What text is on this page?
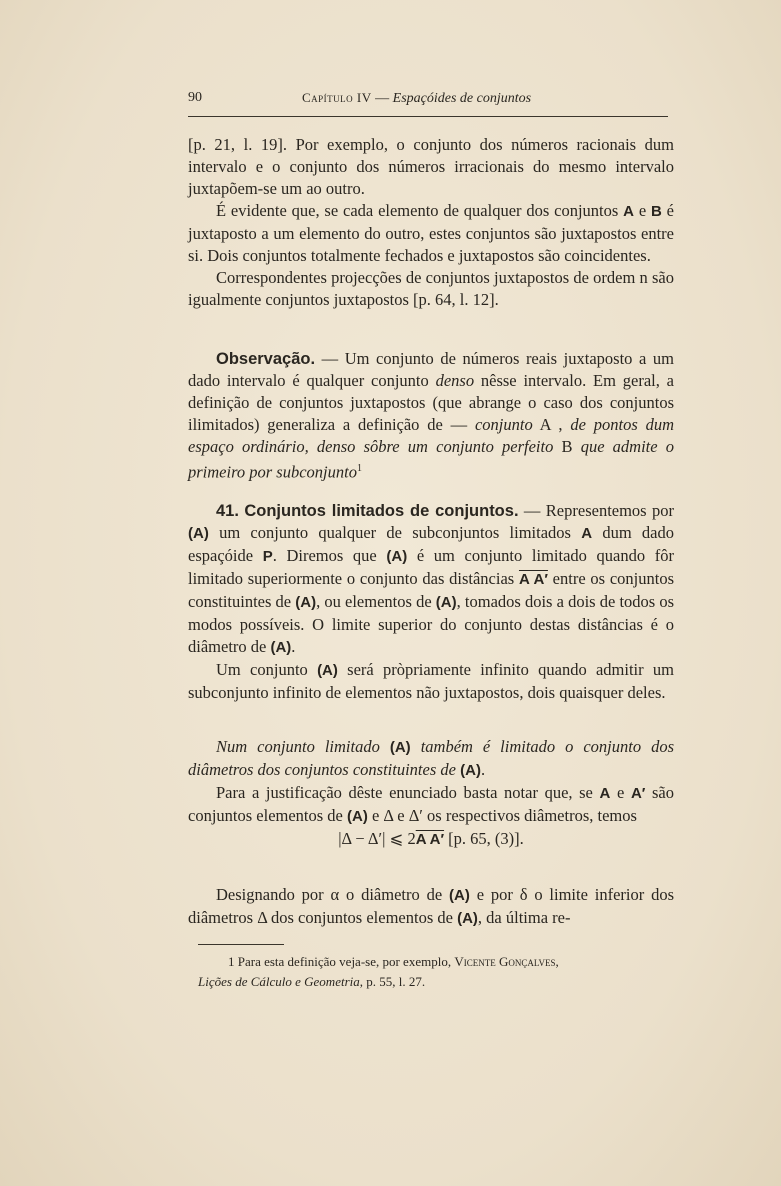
90	Capítulo IV — Espaçóides de conjuntos

[p. 21, l. 19]. Por exemplo, o conjunto dos números racionais dum intervalo e o conjunto dos números irracionais do mesmo intervalo juxtapõem-se um ao outro.

É evidente que, se cada elemento de qualquer dos conjuntos A e B é juxtaposto a um elemento do outro, estes conjuntos são juxtapostos entre si. Dois conjuntos totalmente fechados e juxtapostos são coincidentes.

Correspondentes projecções de conjuntos juxtapostos de ordem n são igualmente conjuntos juxtapostos [p. 64, l. 12].

Observação. — Um conjunto de números reais juxtaposto a um dado intervalo é qualquer conjunto denso nêsse intervalo. Em geral, a definição de conjuntos juxtapostos (que abrange o caso dos conjuntos ilimitados) generaliza a definição de — conjunto A , de pontos dum espaço ordinário, denso sôbre um conjunto perfeito B que admite o primeiro por subconjunto$^1$

41. Conjuntos limitados de conjuntos. — Representemos por (A) um conjunto qualquer de subconjuntos limitados A dum dado espaçóide P. Diremos que (A) é um conjunto limitado quando fôr limitado superiormente o conjunto das distâncias A A′ entre os conjuntos constituintes de (A), ou elementos de (A), tomados dois a dois de todos os modos possíveis. O limite superior do conjunto destas distâncias é o diâmetro de (A).

Um conjunto (A) será pròpriamente infinito quando admitir um subconjunto infinito de elementos não juxtapostos, dois quaisquer deles.

Num conjunto limitado (A) também é limitado o conjunto dos diâmetros dos conjuntos constituintes de (A).

Para a justificação dêste enunciado basta notar que, se A e A′ são conjuntos elementos de (A) e Δ e Δ′ os respectivos diâmetros, temos

|Δ − Δ′| ⩽ 2A A′ [p. 65, (3)].

Designando por α o diâmetro de (A) e por δ o limite inferior dos diâmetros Δ dos conjuntos elementos de (A), da última re-

1 Para esta definição veja-se, por exemplo, Vicente Gonçalves,
Lições de Cálculo e Geometria, p. 55, l. 27.
